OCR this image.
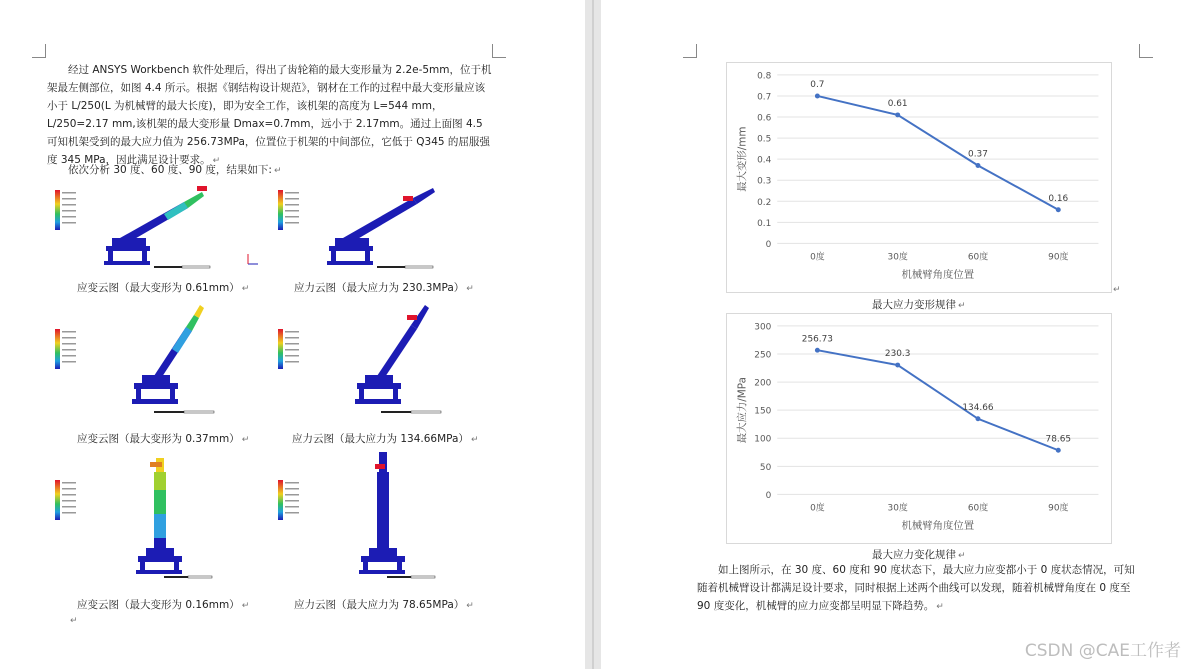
经过 ANSYS Workbench 软件处理后，得出了齿轮箱的最大变形量为 2.2e-5mm，位于机架最左侧部位，如图 4.4 所示。根据《钢结构设计规范》，钢材在工作的过程中最大变形量应该小于 L/250(L 为机械臂的最大长度)，即为安全工作，该机架的高度为 L=544 mm，L/250=2.17 mm,该机架的最大变形量 Dmax=0.7mm，远小于 2.17mm。通过上面图 4.5 可知机架受到的最大应力值为 256.73MPa，位置位于机架的中间部位，它低于 Q345 的屈服强度 345 MPa，因此满足设计要求。 ↵
依次分析 30 度、60 度、90 度，结果如下: ↵
应变云图（最大变形为 0.61mm） ↵	应力云图（最大应力为 230.3MPa） ↵
应变云图（最大变形为 0.37mm） ↵	应力云图（最大应力为 134.66MPa） ↵
应变云图（最大变形为 0.16mm） ↵	应力云图（最大应力为 78.65MPa） ↵
↵
0
0.1
0.2
0.3
0.4
0.5
0.6
0.7
0.8
0度	30度	60度	90度
机械臂角度位置
最大变形/mm
0.7
0.61
0.37
0.16
最大应力变形规律 ↵
↵
0
50
100
150
200
250
300
0度	30度	60度	90度
机械臂角度位置
最大应力/MPa
256.73
230.3
134.66
78.65
最大应力变化规律 ↵
如上图所示，在 30 度、60 度和 90 度状态下，最大应力应变都小于 0 度状态情况，可知随着机械臂设计都满足设计要求，同时根据上述两个曲线可以发现，随着机械臂角度在 0 度至 90 度变化，机械臂的应力应变都呈明显下降趋势。 ↵
CSDN @CAE工作者
